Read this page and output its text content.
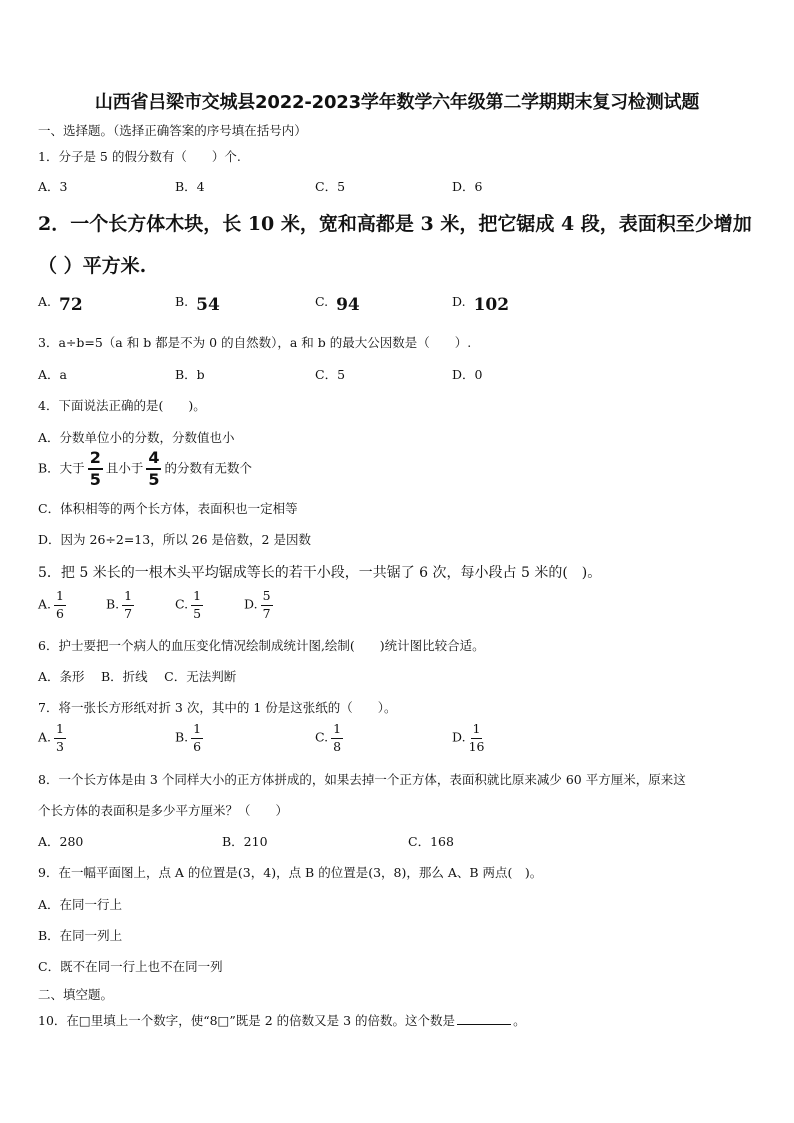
山西省吕梁市交城县2022-2023学年数学六年级第二学期期末复习检测试题
一、选择题。（选择正确答案的序号填在括号内）
1．分子是 5 的假分数有（　　）个.
A．3	B．4	C．5	D．6
2．一个长方体木块，长 10 米，宽和高都是 3 米，把它锯成 4 段，表面积至少增加
（ ）平方米.
$^{A.}$ 72	$^{B.}$ 54	$^{C.}$ 94	$^{D.}$ 102
3．a÷b=5（a 和 b 都是不为 0 的自然数），a 和 b 的最大公因数是（　　）.
A．a	B．b	C．5	D．0
4．下面说法正确的是(　　)。
A．分数单位小的分数，分数值也小
B．大于 $\frac{2}{5}$ 且小于 $\frac{4}{5}$ 的分数有无数个
C．体积相等的两个长方体，表面积也一定相等
D．因为 26÷2=13，所以 26 是倍数，2 是因数
5．把 5 米长的一根木头平均锯成等长的若干小段，一共锯了 6 次，每小段占 5 米的(　)。
A. $\frac{1}{6}$	B. $\frac{1}{7}$	C. $\frac{1}{5}$	D. $\frac{5}{7}$
6．护士要把一个病人的血压变化情况绘制成统计图,绘制(　　)统计图比较合适。
A．条形　 B．折线　 C．无法判断
7．将一张长方形纸对折 3 次，其中的 1 份是这张纸的（　　）。
A. $\frac{1}{3}$	B. $\frac{1}{6}$	C. $\frac{1}{8}$	D. $\frac{1}{16}$
8．一个长方体是由 3 个同样大小的正方体拼成的，如果去掉一个正方体，表面积就比原来减少 60 平方厘米，原来这
个长方体的表面积是多少平方厘米？（　　）
A．280	B．210	C．168
9．在一幅平面图上，点 A 的位置是(3，4)，点 B 的位置是(3，8)，那么 A、B 两点(　)。
A．在同一行上
B．在同一列上
C．既不在同一行上也不在同一列
二、填空题。
10．在□里填上一个数字，使“8□”既是 2 的倍数又是 3 的倍数。这个数是	。
